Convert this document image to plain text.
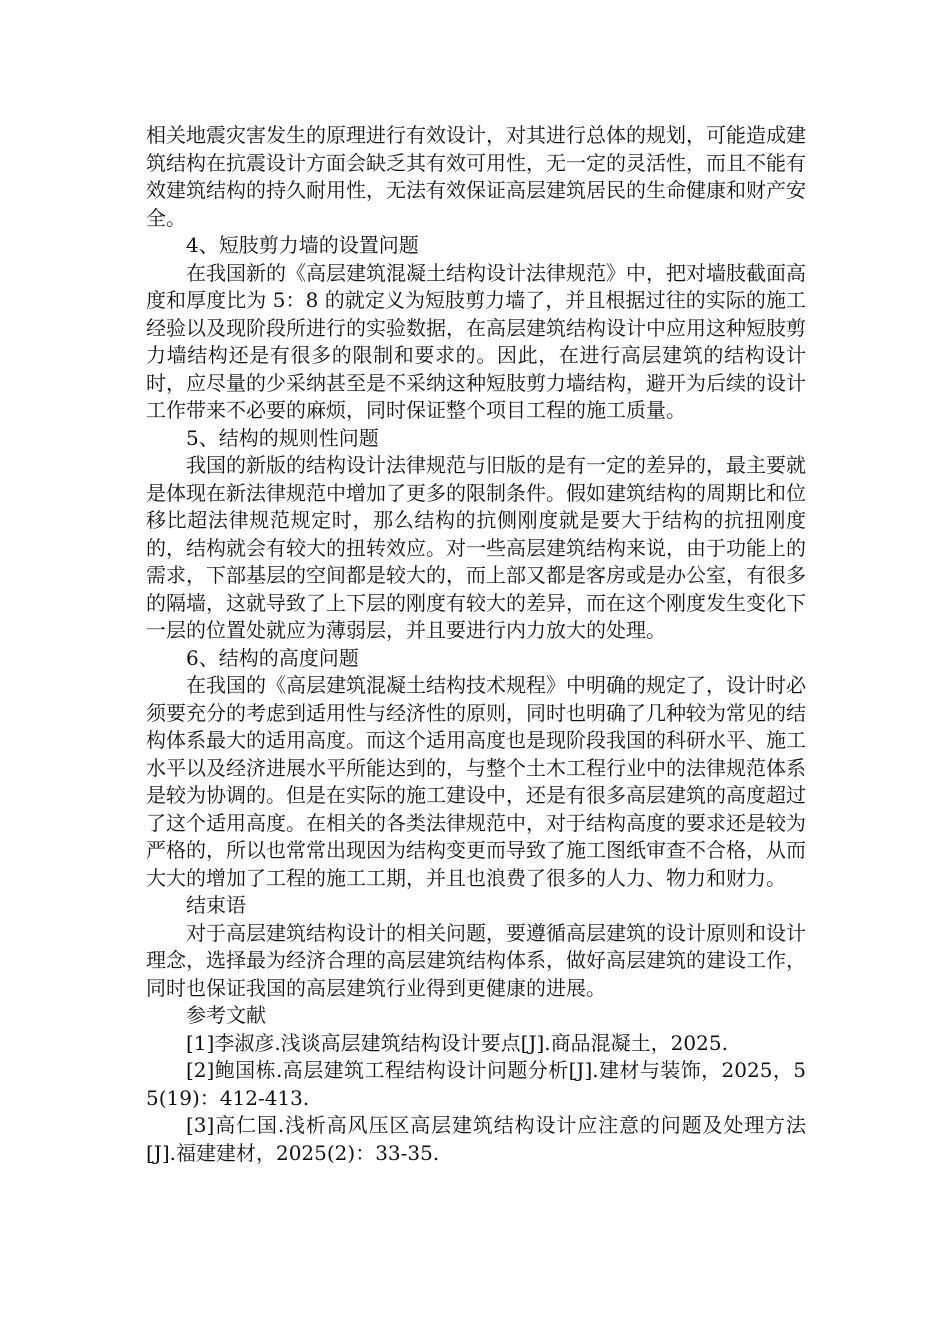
相关地震灾害发生的原理进行有效设计，对其进行总体的规划，可能造成建筑结构在抗震设计方面会缺乏其有效可用性，无一定的灵活性，而且不能有效建筑结构的持久耐用性，无法有效保证高层建筑居民的生命健康和财产安全。

4、短肢剪力墙的设置问题

在我国新的《高层建筑混凝土结构设计法律规范》中，把对墙肢截面高度和厚度比为 5：8 的就定义为短肢剪力墙了，并且根据过往的实际的施工经验以及现阶段所进行的实验数据，在高层建筑结构设计中应用这种短肢剪力墙结构还是有很多的限制和要求的。因此，在进行高层建筑的结构设计时，应尽量的少采纳甚至是不采纳这种短肢剪力墙结构，避开为后续的设计工作带来不必要的麻烦，同时保证整个项目工程的施工质量。

5、结构的规则性问题

我国的新版的结构设计法律规范与旧版的是有一定的差异的，最主要就是体现在新法律规范中增加了更多的限制条件。假如建筑结构的周期比和位移比超法律规范规定时，那么结构的抗侧刚度就是要大于结构的抗扭刚度的，结构就会有较大的扭转效应。对一些高层建筑结构来说，由于功能上的需求，下部基层的空间都是较大的，而上部又都是客房或是办公室，有很多的隔墙，这就导致了上下层的刚度有较大的差异，而在这个刚度发生变化下一层的位置处就应为薄弱层，并且要进行内力放大的处理。

6、结构的高度问题

在我国的《高层建筑混凝土结构技术规程》中明确的规定了，设计时必须要充分的考虑到适用性与经济性的原则，同时也明确了几种较为常见的结构体系最大的适用高度。而这个适用高度也是现阶段我国的科研水平、施工水平以及经济进展水平所能达到的，与整个土木工程行业中的法律规范体系是较为协调的。但是在实际的施工建设中，还是有很多高层建筑的高度超过了这个适用高度。在相关的各类法律规范中，对于结构高度的要求还是较为严格的，所以也常常出现因为结构变更而导致了施工图纸审查不合格，从而大大的增加了工程的施工工期，并且也浪费了很多的人力、物力和财力。

结束语

对于高层建筑结构设计的相关问题，要遵循高层建筑的设计原则和设计理念，选择最为经济合理的高层建筑结构体系，做好高层建筑的建设工作，同时也保证我国的高层建筑行业得到更健康的进展。

参考文献

[1]李淑彦.浅谈高层建筑结构设计要点[J].商品混凝土，2025.

[2]鲍国栋.高层建筑工程结构设计问题分析[J].建材与装饰，2025，55(19)：412-413.

[3]高仁国.浅析高风压区高层建筑结构设计应注意的问题及处理方法[J].福建建材，2025(2)：33-35.
